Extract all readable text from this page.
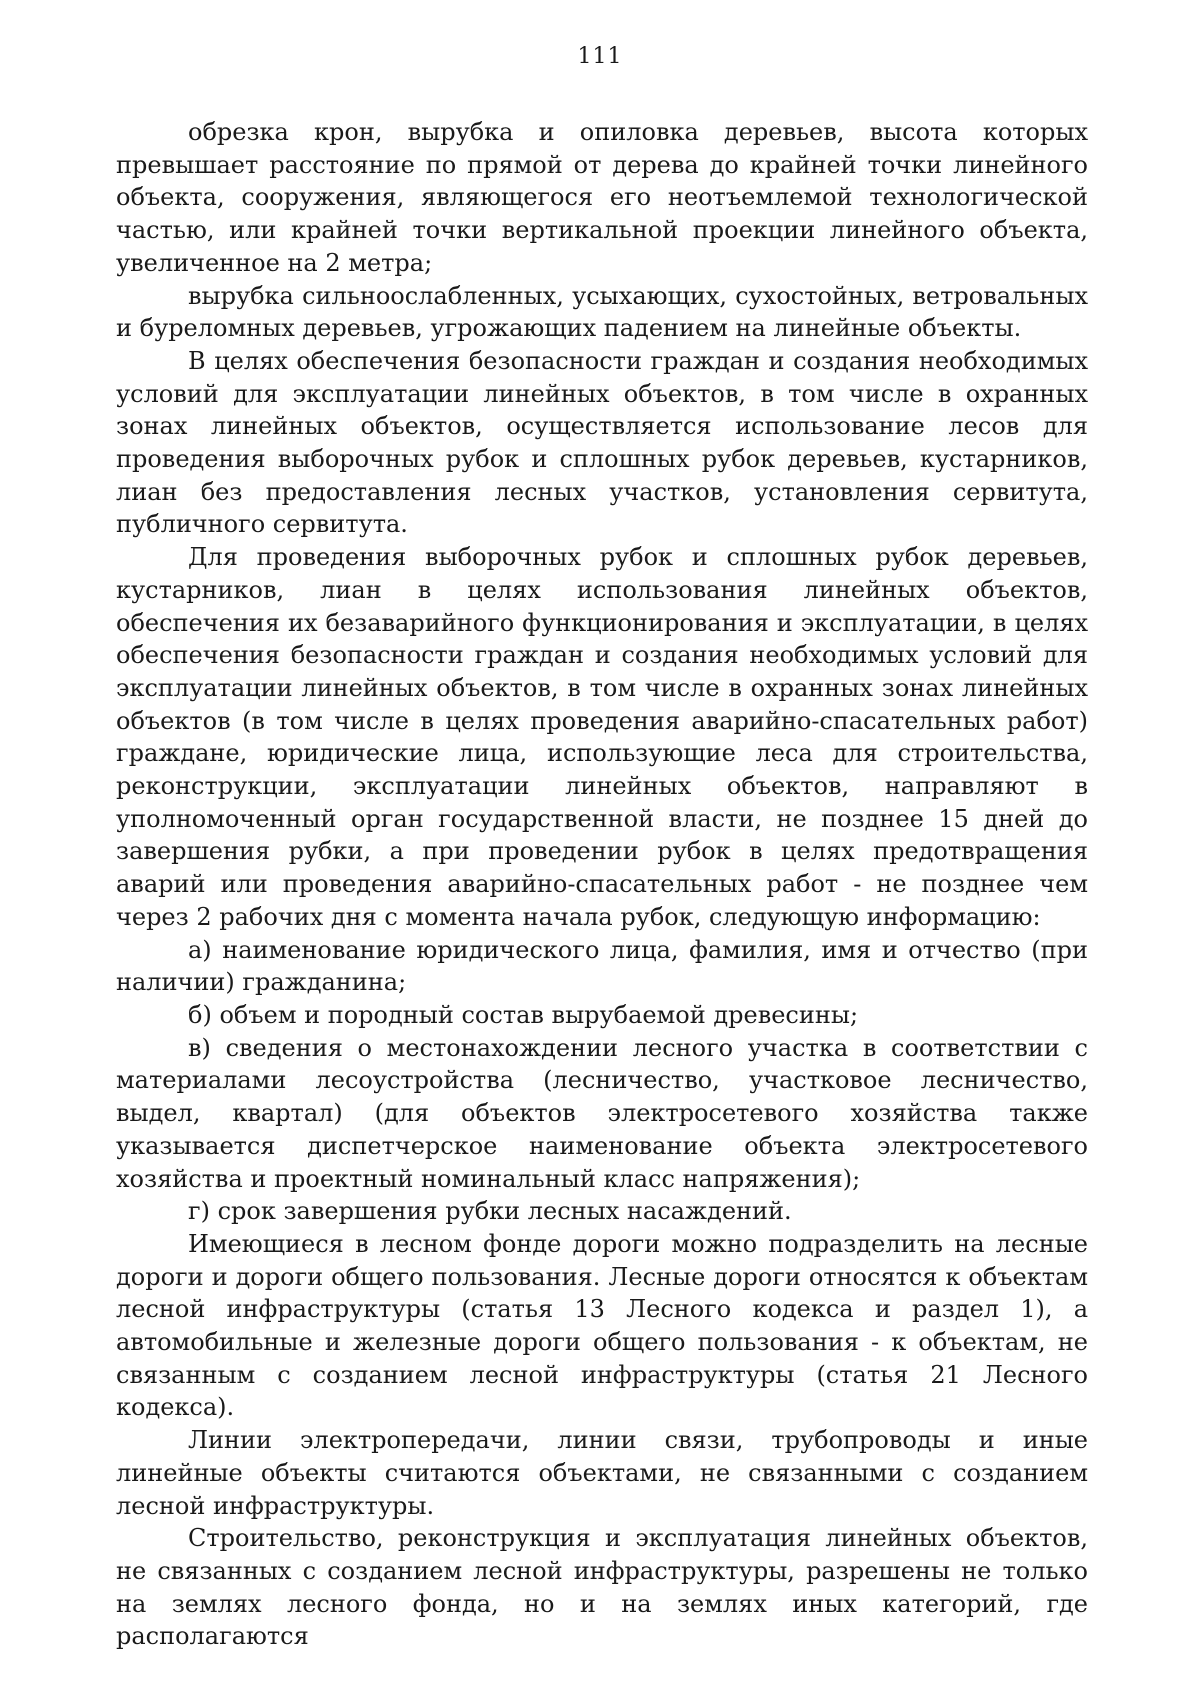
111

обрезка крон, вырубка и опиловка деревьев, высота которых превышает расстояние по прямой от дерева до крайней точки линейного объекта, сооружения, являющегося его неотъемлемой технологической частью, или крайней точки вертикальной проекции линейного объекта, увеличенное на 2 метра;

вырубка сильноослабленных, усыхающих, сухостойных, ветровальных и буреломных деревьев, угрожающих падением на линейные объекты.

В целях обеспечения безопасности граждан и создания необходимых условий для эксплуатации линейных объектов, в том числе в охранных зонах линейных объектов, осуществляется использование лесов для проведения выборочных рубок и сплошных рубок деревьев, кустарников, лиан без предоставления лесных участков, установления сервитута, публичного сервитута.

Для проведения выборочных рубок и сплошных рубок деревьев, кустарников, лиан в целях использования линейных объектов, обеспечения их безаварийного функционирования и эксплуатации, в целях обеспечения безопасности граждан и создания необходимых условий для эксплуатации линейных объектов, в том числе в охранных зонах линейных объектов (в том числе в целях проведения аварийно-спасательных работ) граждане, юридические лица, использующие леса для строительства, реконструкции, эксплуатации линейных объектов, направляют в уполномоченный орган государственной власти, не позднее 15 дней до завершения рубки, а при проведении рубок в целях предотвращения аварий или проведения аварийно-спасательных работ - не позднее чем через 2 рабочих дня с момента начала рубок, следующую информацию:

а) наименование юридического лица, фамилия, имя и отчество (при наличии) гражданина;

б) объем и породный состав вырубаемой древесины;

в) сведения о местонахождении лесного участка в соответствии с материалами лесоустройства (лесничество, участковое лесничество, выдел, квартал) (для объектов электросетевого хозяйства также указывается диспетчерское наименование объекта электросетевого хозяйства и проектный номинальный класс напряжения);

г) срок завершения рубки лесных насаждений.

Имеющиеся в лесном фонде дороги можно подразделить на лесные дороги и дороги общего пользования. Лесные дороги относятся к объектам лесной инфраструктуры (статья 13 Лесного кодекса и раздел 1), а автомобильные и железные дороги общего пользования - к объектам, не связанным с созданием лесной инфраструктуры (статья 21 Лесного кодекса).

Линии электропередачи, линии связи, трубопроводы и иные линейные объекты считаются объектами, не связанными с созданием лесной инфраструктуры.

Строительство, реконструкция и эксплуатация линейных объектов, не связанных с созданием лесной инфраструктуры, разрешены не только на землях лесного фонда, но и на землях иных категорий, где располагаются
